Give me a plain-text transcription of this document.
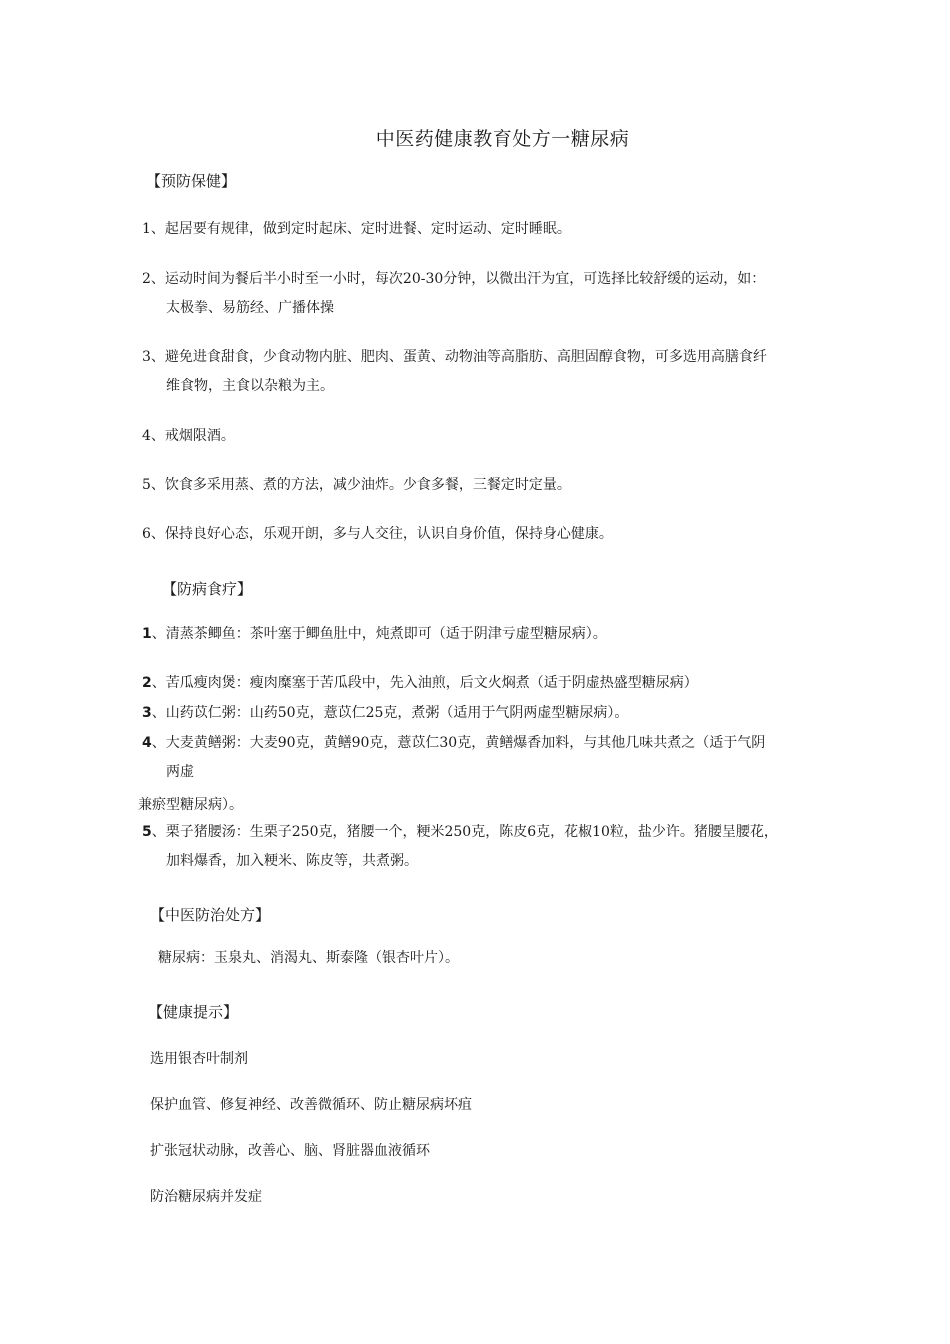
中医药健康教育处方一糖尿病
【预防保健】
1、起居要有规律，做到定时起床、定时进餐、定时运动、定时睡眠。
2、运动时间为餐后半小时至一小时，每次20-30分钟，以微出汗为宜，可选择比较舒缓的运动，如：
太极拳、易筋经、广播体操
3、避免进食甜食，少食动物内脏、肥肉、蛋黄、动物油等高脂肪、高胆固醇食物，可多选用高膳食纤
维食物，主食以杂粮为主。
4、戒烟限酒。
5、饮食多采用蒸、煮的方法，减少油炸。少食多餐，三餐定时定量。
6、保持良好心态，乐观开朗，多与人交往，认识自身价值，保持身心健康。
【防病食疗】
1、清蒸茶鲫鱼：茶叶塞于鲫鱼肚中，炖煮即可（适于阴津亏虚型糖尿病）。
2、苦瓜瘦肉煲：瘦肉糜塞于苦瓜段中，先入油煎，后文火焖煮（适于阴虚热盛型糖尿病）
3、山药苡仁粥：山药50克，薏苡仁25克，煮粥（适用于气阴两虚型糖尿病）。
4、大麦黄鳝粥：大麦90克，黄鳝90克，薏苡仁30克，黄鳝爆香加料，与其他几味共煮之（适于气阴
两虚
兼瘀型糖尿病）。
5、栗子猪腰汤：生栗子250克，猪腰一个，粳米250克，陈皮6克，花椒10粒，盐少许。猪腰呈腰花，
加料爆香，加入粳米、陈皮等，共煮粥。
【中医防治处方】
糖尿病：玉泉丸、消渴丸、斯泰隆（银杏叶片）。
【健康提示】
选用银杏叶制剂
保护血管、修复神经、改善微循环、防止糖尿病坏疽
扩张冠状动脉，改善心、脑、肾脏器血液循环
防治糖尿病并发症
